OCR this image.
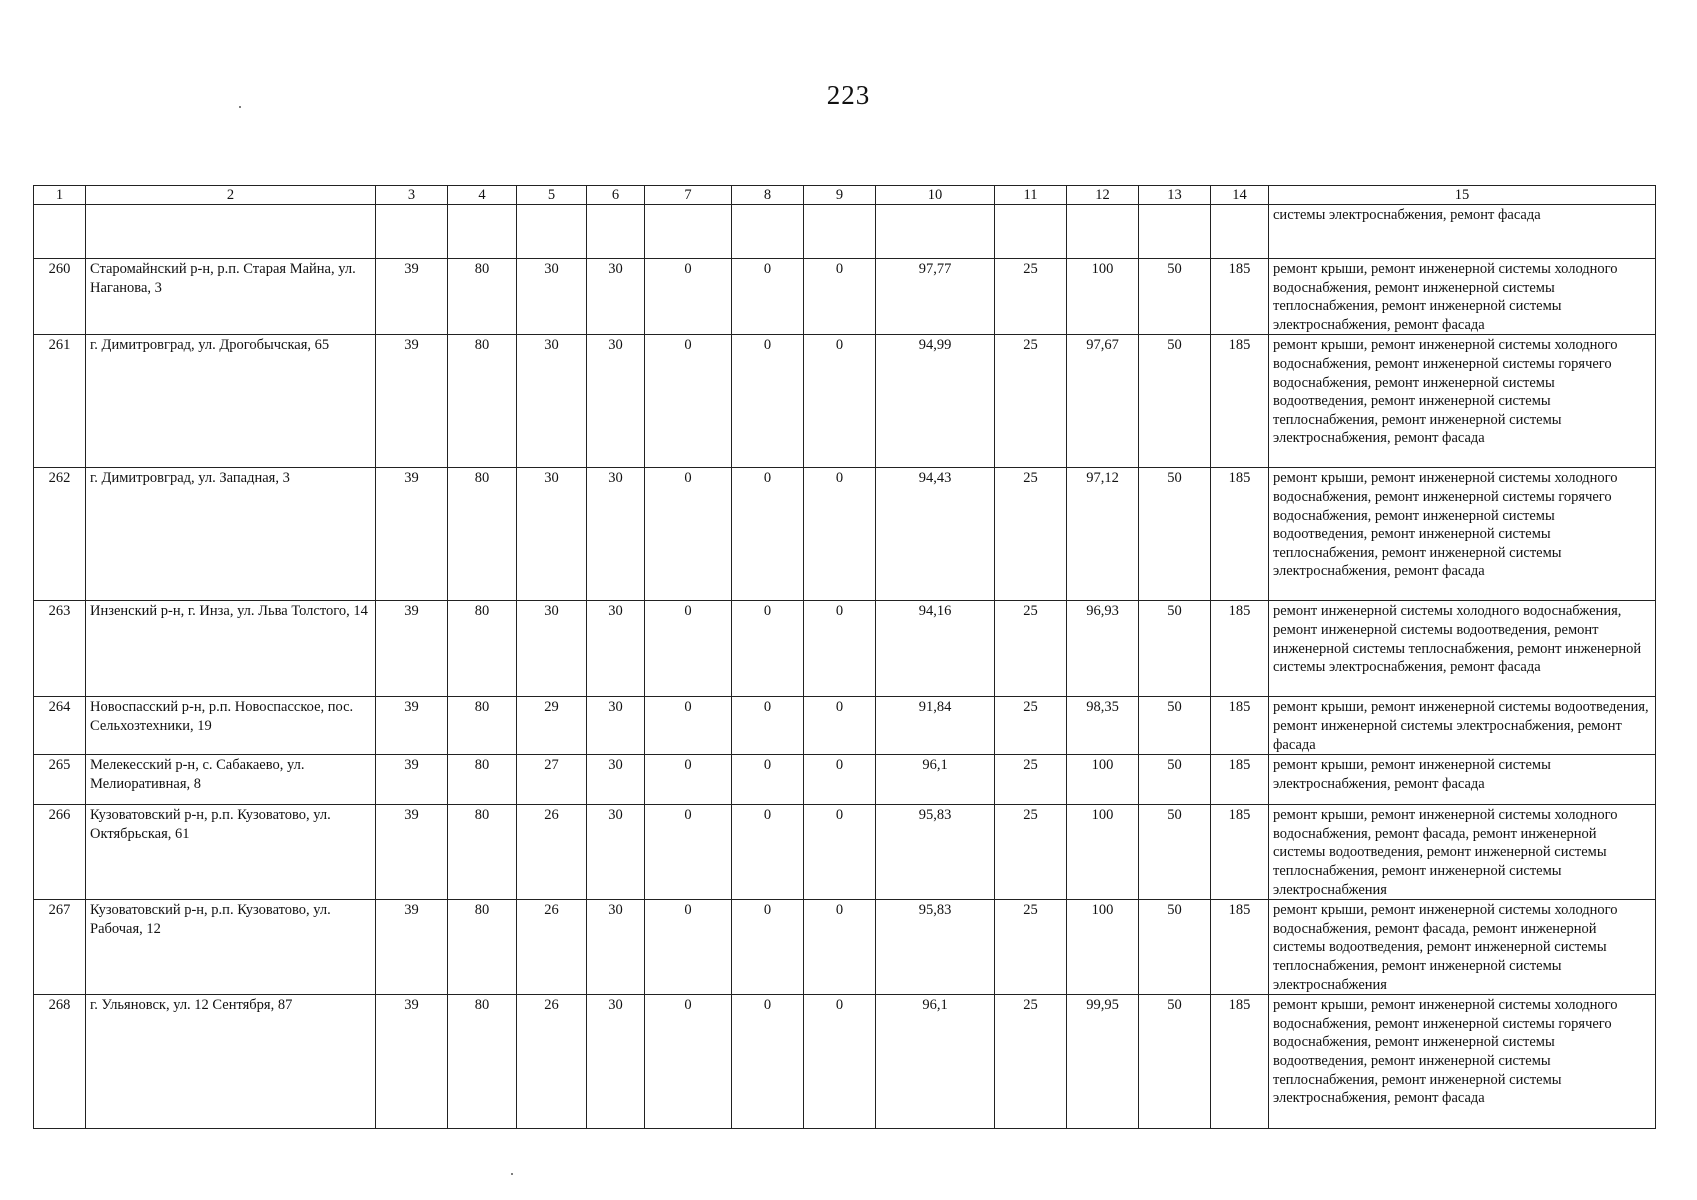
223
1	2	3	4	5	6	7	8	9	10	11	12	13	14	15
														системы электроснабжения, ремонт фасада
260	Старомайнский р-н, р.п. Старая Майна, ул. Наганова, 3	39	80	30	30	0	0	0	97,77	25	100	50	185	ремонт крыши, ремонт инженерной системы холодного водоснабжения, ремонт инженерной системы теплоснабжения, ремонт инженерной системы электроснабжения, ремонт фасада
261	г. Димитровград, ул. Дрогобычская, 65	39	80	30	30	0	0	0	94,99	25	97,67	50	185	ремонт крыши, ремонт инженерной системы холодного водоснабжения, ремонт инженерной системы горячего водоснабжения, ремонт инженерной системы водоотведения, ремонт инженерной системы теплоснабжения, ремонт инженерной системы электроснабжения, ремонт фасада
262	г. Димитровград, ул. Западная, 3	39	80	30	30	0	0	0	94,43	25	97,12	50	185	ремонт крыши, ремонт инженерной системы холодного водоснабжения, ремонт инженерной системы горячего водоснабжения, ремонт инженерной системы водоотведения, ремонт инженерной системы теплоснабжения, ремонт инженерной системы электроснабжения, ремонт фасада
263	Инзенский р-н, г. Инза, ул. Льва Толстого, 14	39	80	30	30	0	0	0	94,16	25	96,93	50	185	ремонт инженерной системы холодного водоснабжения, ремонт инженерной системы водоотведения, ремонт инженерной системы теплоснабжения, ремонт инженерной системы электроснабжения, ремонт фасада
264	Новоспасский р-н, р.п. Новоспасское, пос. Сельхозтехники, 19	39	80	29	30	0	0	0	91,84	25	98,35	50	185	ремонт крыши, ремонт инженерной системы водоотведения, ремонт инженерной системы электроснабжения, ремонт фасада
265	Мелекесский р-н, с. Сабакаево, ул. Мелиоративная, 8	39	80	27	30	0	0	0	96,1	25	100	50	185	ремонт крыши, ремонт инженерной системы электроснабжения, ремонт фасада
266	Кузоватовский р-н, р.п. Кузоватово, ул. Октябрьская, 61	39	80	26	30	0	0	0	95,83	25	100	50	185	ремонт крыши, ремонт инженерной системы холодного водоснабжения, ремонт фасада, ремонт инженерной системы водоотведения, ремонт инженерной системы теплоснабжения, ремонт инженерной системы электроснабжения
267	Кузоватовский р-н, р.п. Кузоватово, ул. Рабочая, 12	39	80	26	30	0	0	0	95,83	25	100	50	185	ремонт крыши, ремонт инженерной системы холодного водоснабжения, ремонт фасада, ремонт инженерной системы водоотведения, ремонт инженерной системы теплоснабжения, ремонт инженерной системы электроснабжения
268	г. Ульяновск, ул. 12 Сентября, 87	39	80	26	30	0	0	0	96,1	25	99,95	50	185	ремонт крыши, ремонт инженерной системы холодного водоснабжения, ремонт инженерной системы горячего водоснабжения, ремонт инженерной системы водоотведения, ремонт инженерной системы теплоснабжения, ремонт инженерной системы электроснабжения, ремонт фасада
